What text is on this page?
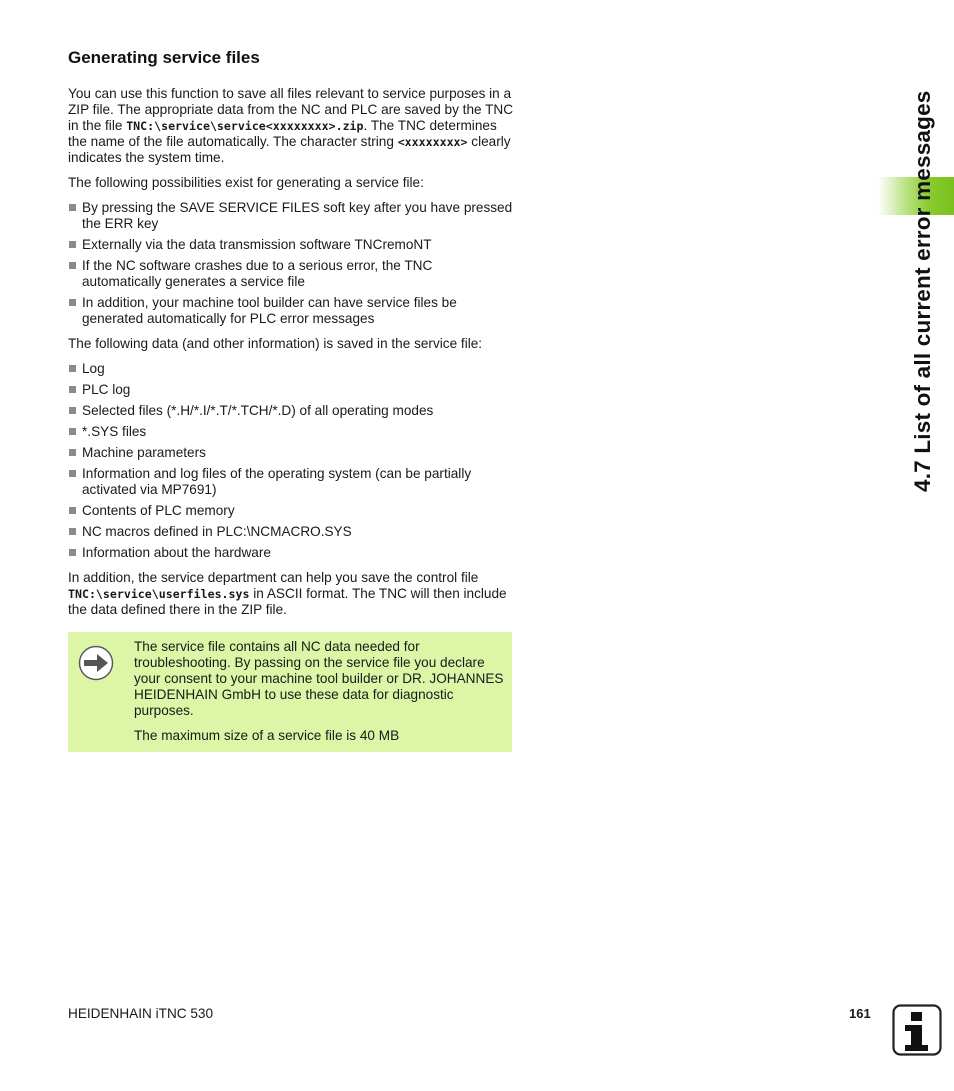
Generating service files

You can use this function to save all files relevant to service purposes in a ZIP file. The appropriate data from the NC and PLC are saved by the TNC in the file TNC:\service\service<xxxxxxxx>.zip. The TNC determines the name of the file automatically. The character string <xxxxxxxx> clearly indicates the system time.

The following possibilities exist for generating a service file:

By pressing the SAVE SERVICE FILES soft key after you have pressed the ERR key
Externally via the data transmission software TNCremoNT
If the NC software crashes due to a serious error, the TNC automatically generates a service file
In addition, your machine tool builder can have service files be generated automatically for PLC error messages

The following data (and other information) is saved in the service file:

Log
PLC log
Selected files (*.H/*.I/*.T/*.TCH/*.D) of all operating modes
*.SYS files
Machine parameters
Information and log files of the operating system (can be partially activated via MP7691)
Contents of PLC memory
NC macros defined in PLC:\NCMACRO.SYS
Information about the hardware

In addition, the service department can help you save the control file TNC:\service\userfiles.sys in ASCII format. The TNC will then include the data defined there in the ZIP file.

The service file contains all NC data needed for troubleshooting. By passing on the service file you declare your consent to your machine tool builder or DR. JOHANNES HEIDENHAIN GmbH to use these data for diagnostic purposes.

The maximum size of a service file is 40 MB

4.7 List of all current error messages
HEIDENHAIN iTNC 530	161
